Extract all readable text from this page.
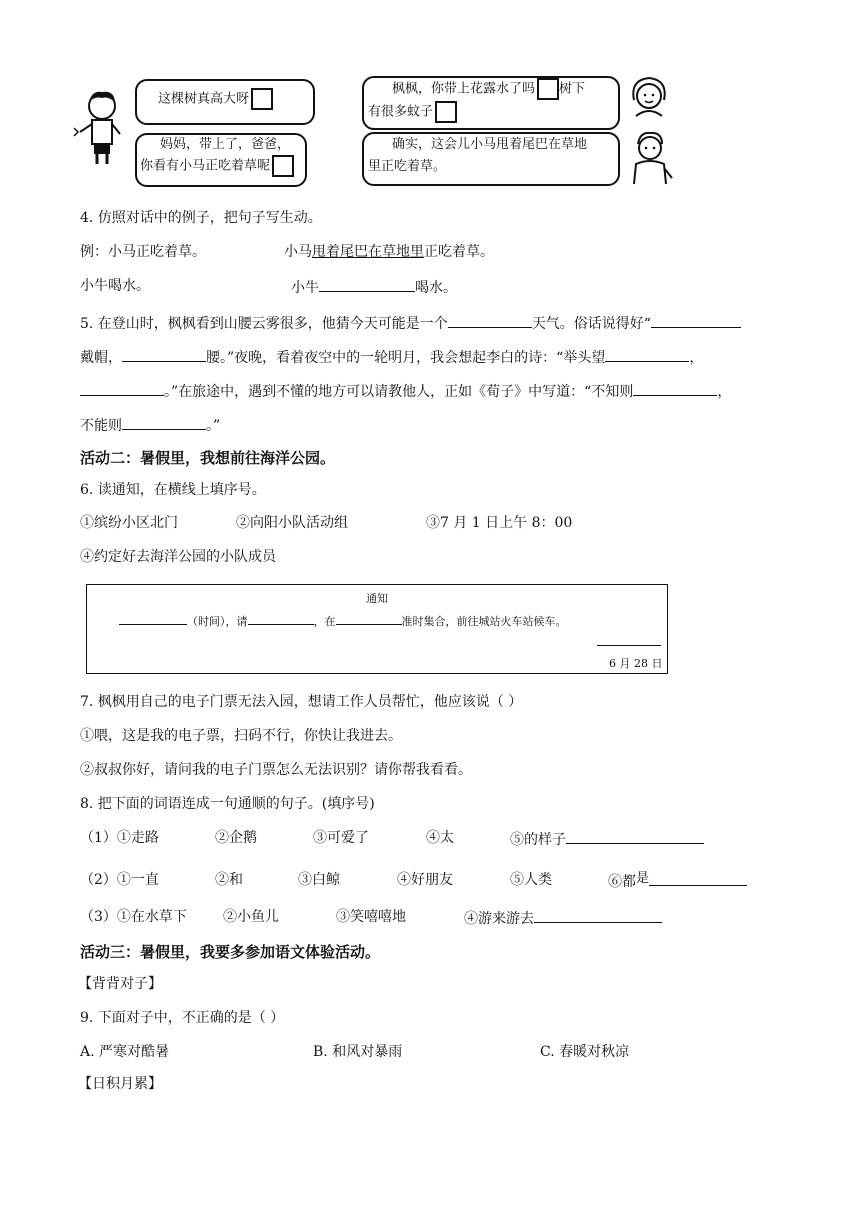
这棵树真高大呀
妈妈，带上了，爸爸，
你看有小马正吃着草呢
枫枫，你带上花露水了吗 树下
有很多蚊子
确实，这会儿小马甩着尾巴在草地
里正吃着草。
4. 仿照对话中的例子，把句子写生动。
例：小马正吃着草。	小马甩着尾巴在草地里正吃着草。
小牛喝水。	小牛	喝水。
5. 在登山时，枫枫看到山腰云雾很多，他猜今天可能是一个	天气。俗话说得好“
戴帽，	腰。”夜晚，看着夜空中的一轮明月，我会想起李白的诗：“举头望	，
。”在旅途中，遇到不懂的地方可以请教他人，正如《荀子》中写道：“不知则	，
不能则	。”
活动二：暑假里，我想前往海洋公园。
6. 读通知，在横线上填序号。
①缤纷小区北门	②向阳小队活动组	③7 月 1 日上午 8：00
④约定好去海洋公园的小队成员
通知
（时间），请	，在	准时集合，前往城站火车站候车。
6 月 28 日
7. 枫枫用自己的电子门票无法入园，想请工作人员帮忙，他应该说（ ）
①喂，这是我的电子票，扫码不行，你快让我进去。
②叔叔你好，请问我的电子门票怎么无法识别？请你帮我看看。
8. 把下面的词语连成一句通顺的句子。(填序号)
（1）①走路	②企鹅	③可爱了	④太	⑤的样子
（2）①一直	②和	③白鲸	④好朋友	⑤人类	⑥都是
（3）①在水草下	②小鱼儿	③笑嘻嘻地	④游来游去
活动三：暑假里，我要多参加语文体验活动。
【背背对子】
9. 下面对子中，不正确的是（ ）
A. 严寒对酷暑	B. 和风对暴雨	C. 春暖对秋凉
【日积月累】
